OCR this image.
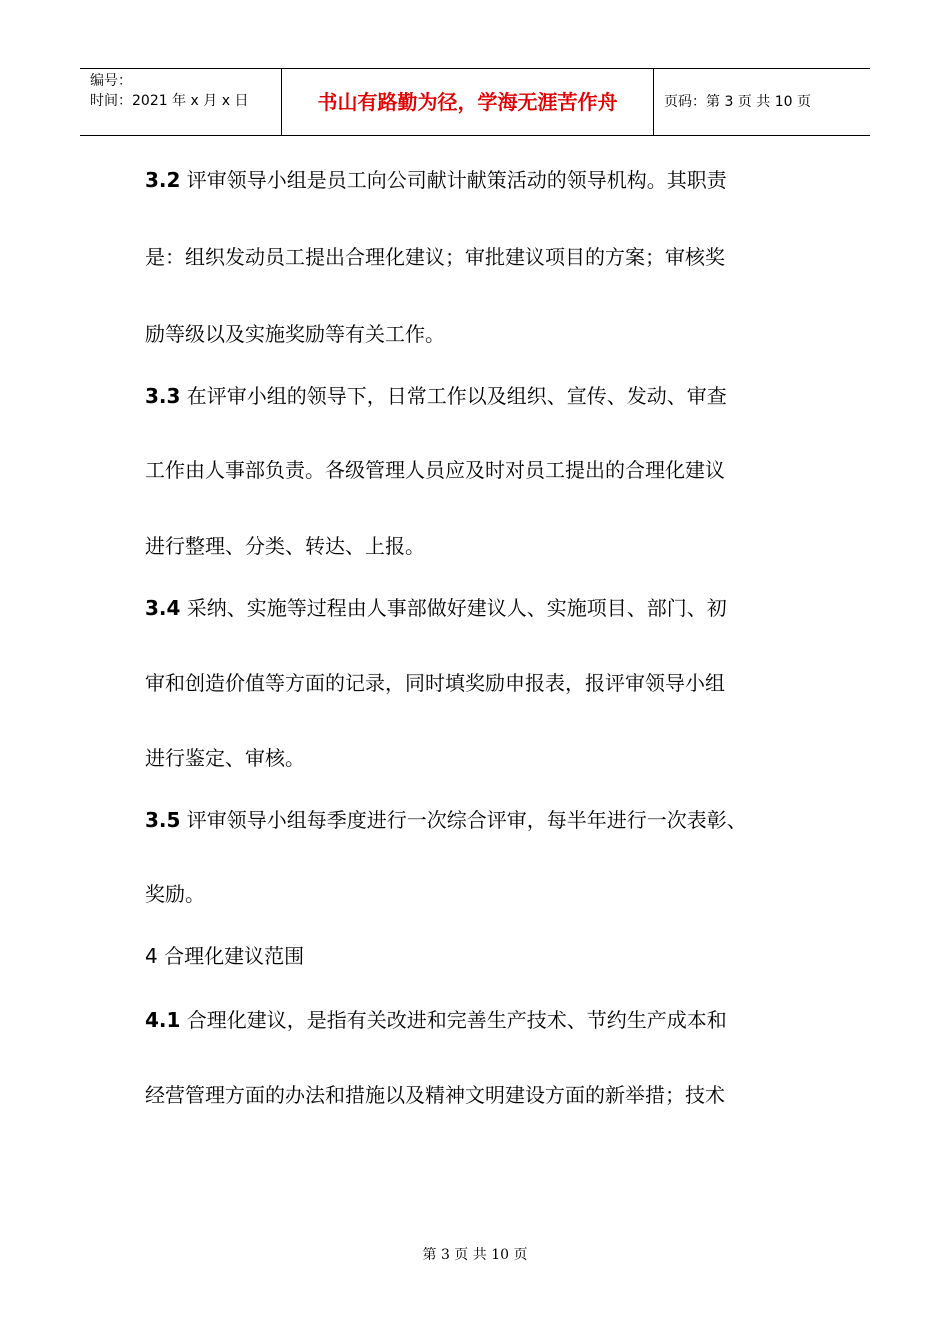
编号：
时间：2021 年 x 月 x 日	书山有路勤为径，学海无涯苦作舟	页码：第 3 页 共 10 页
3.2 评审领导小组是员工向公司献计献策活动的领导机构。其职责
是：组织发动员工提出合理化建议；审批建议项目的方案；审核奖
励等级以及实施奖励等有关工作。
3.3 在评审小组的领导下，日常工作以及组织、宣传、发动、审查
工作由人事部负责。各级管理人员应及时对员工提出的合理化建议
进行整理、分类、转达、上报。
3.4 采纳、实施等过程由人事部做好建议人、实施项目、部门、初
审和创造价值等方面的记录，同时填奖励申报表，报评审领导小组
进行鉴定、审核。
3.5 评审领导小组每季度进行一次综合评审，每半年进行一次表彰、
奖励。
4 合理化建议范围
4.1 合理化建议，是指有关改进和完善生产技术、节约生产成本和
经营管理方面的办法和措施以及精神文明建设方面的新举措；技术
第 3 页 共 10 页
